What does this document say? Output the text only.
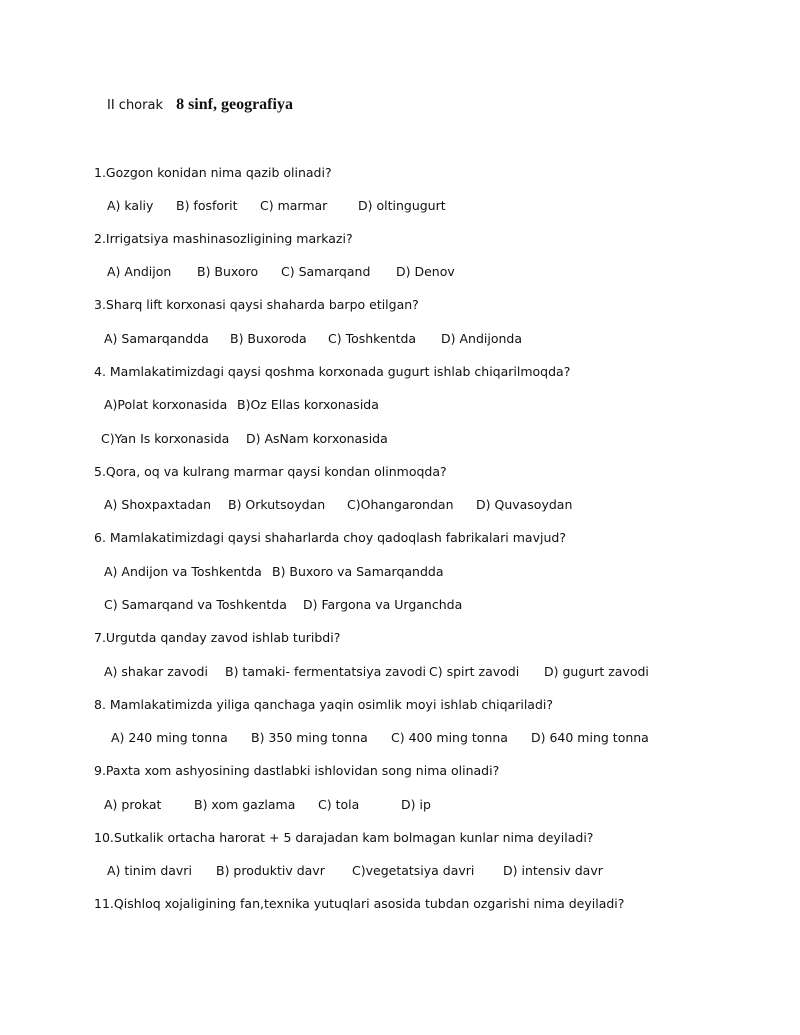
II chorak 8 sinf, geografiya
1.Gozgon konidan nima qazib olinadi?
A) kaliy B) fosforit C) marmar D) oltingugurt
2.Irrigatsiya mashinasozligining markazi?
A) Andijon B) Buxoro C) Samarqand D) Denov
3.Sharq lift korxonasi qaysi shaharda barpo etilgan?
A) Samarqandda B) Buxoroda C) Toshkentda D) Andijonda
4. Mamlakatimizdagi qaysi qoshma korxonada gugurt ishlab chiqarilmoqda?
A)Polat korxonasida B)Oz Ellas korxonasida
C)Yan Is korxonasida D) AsNam korxonasida
5.Qora, oq va kulrang marmar qaysi kondan olinmoqda?
A) Shoxpaxtadan B) Orkutsoydan C)Ohangarondan D) Quvasoydan
6. Mamlakatimizdagi qaysi shaharlarda choy qadoqlash fabrikalari mavjud?
A) Andijon va Toshkentda B) Buxoro va Samarqandda
C) Samarqand va Toshkentda D) Fargona va Urganchda
7.Urgutda qanday zavod ishlab turibdi?
A) shakar zavodi B) tamaki- fermentatsiya zavodi C) spirt zavodi D) gugurt zavodi
8. Mamlakatimizda yiliga qanchaga yaqin osimlik moyi ishlab chiqariladi?
A) 240 ming tonna B) 350 ming tonna C) 400 ming tonna D) 640 ming tonna
9.Paxta xom ashyosining dastlabki ishlovidan song nima olinadi?
A) prokat	B) xom gazlama C) tola	D) ip
10.Sutkalik ortacha harorat + 5 darajadan kam bolmagan kunlar nima deyiladi?
A) tinim davri B) produktiv davr C)vegetatsiya davri D) intensiv davr
11.Qishloq xojaligining fan,texnika yutuqlari asosida tubdan ozgarishi nima deyiladi?
